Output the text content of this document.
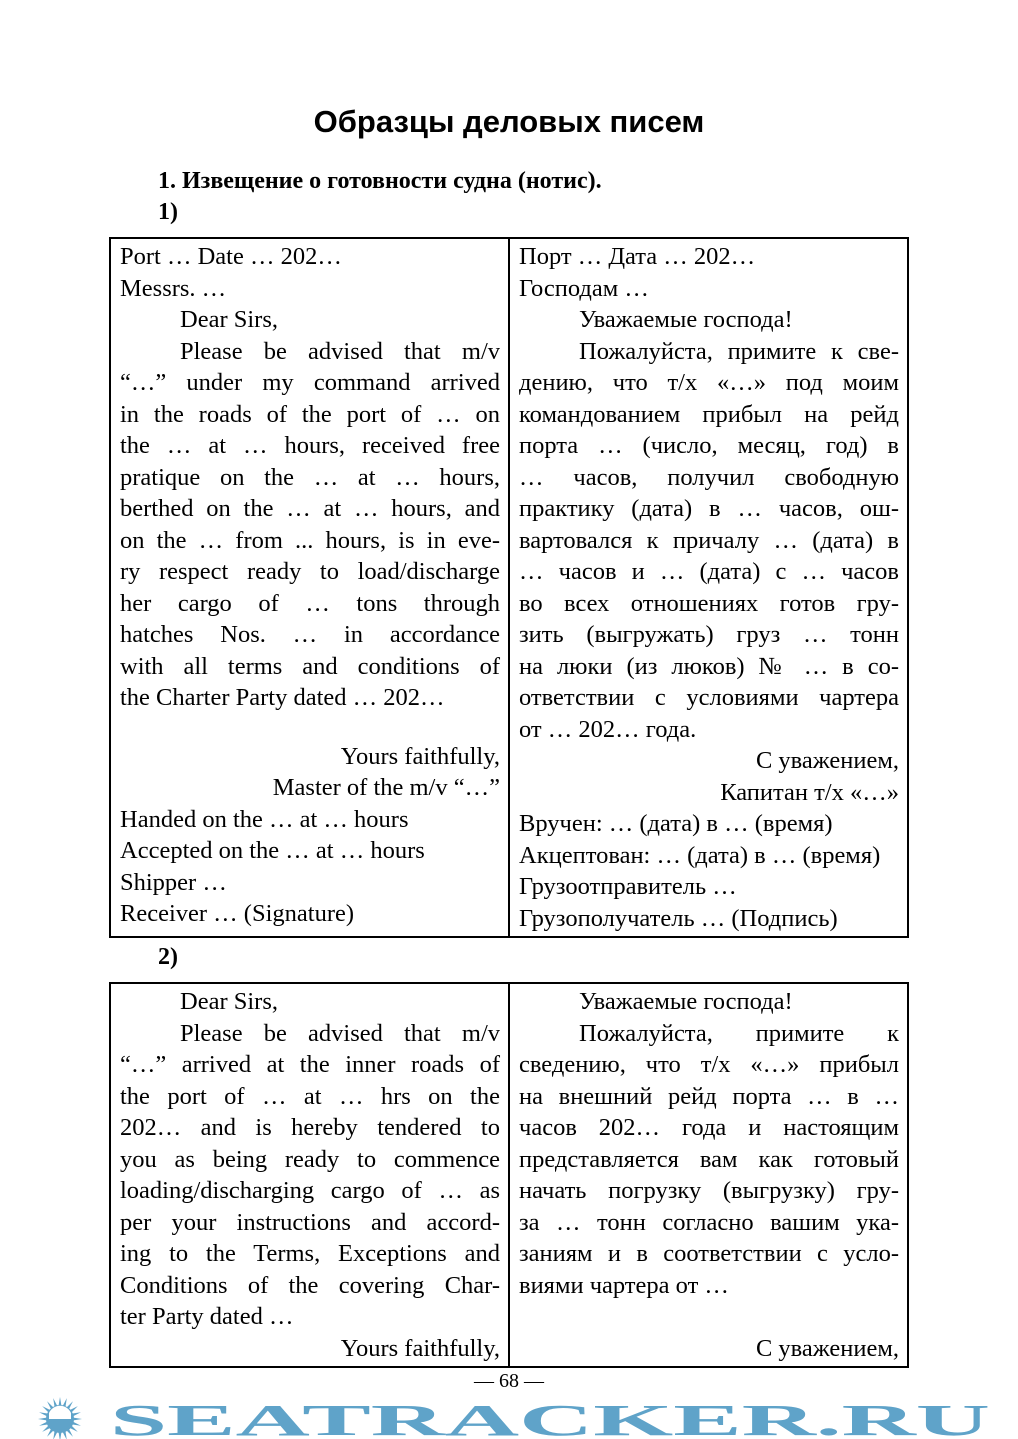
Образцы деловых писем
1. Извещение о готовности судна (нотис).
1)
Port … Date … 202…
Messrs. …
Dear Sirs,
Please be advised that m/v
“…” under my command arrived
in the roads of the port of … on
the … at … hours, received free
pratique on the … at … hours,
berthed on the … at … hours, and
on the … from ... hours, is in eve-
ry respect ready to load/discharge
her cargo of … tons through
hatches Nos. … in accordance
with all terms and conditions of
the Charter Party dated … 202…
Yours faithfully,
Master of the m/v “…”
Handed on the … at … hours
Accepted on the … at … hours
Shipper …
Receiver … (Signature)

Порт … Дата … 202…
Господам …
Уважаемые господа!
Пожалуйста, примите к све-
дению, что т/х «…» под моим
командованием прибыл на рейд
порта … (число, месяц, год) в
… часов, получил свободную
практику (дата) в … часов, ош-
вартовался к причалу … (дата) в
… часов и … (дата) с … часов
во всех отношениях готов гру-
зить (выгружать) груз … тонн
на люки (из люков) № … в со-
ответствии с условиями чартера
от … 202… года.
С уважением,
Капитан т/х «…»
Вручен: … (дата) в … (время)
Акцептован: … (дата) в … (время)
Грузоотправитель …
Грузополучатель … (Подпись)
2)
Dear Sirs,
Please be advised that m/v
“…” arrived at the inner roads of
the port of … at … hrs on the
202… and is hereby tendered to
you as being ready to commence
loading/discharging cargo of … as
per your instructions and accord-
ing to the Terms, Exceptions and
Conditions of the covering Char-
ter Party dated …
Yours faithfully,

Уважаемые господа!
Пожалуйста, примите к
сведению, что т/х «…» прибыл
на внешний рейд порта … в …
часов 202… года и настоящим
представляется вам как готовый
начать погрузку (выгрузку) гру-
за … тонн согласно вашим ука-
заниям и в соответствии с усло-
виями чартера от …
С уважением,
— 68 —
SEATRACKER.RU
